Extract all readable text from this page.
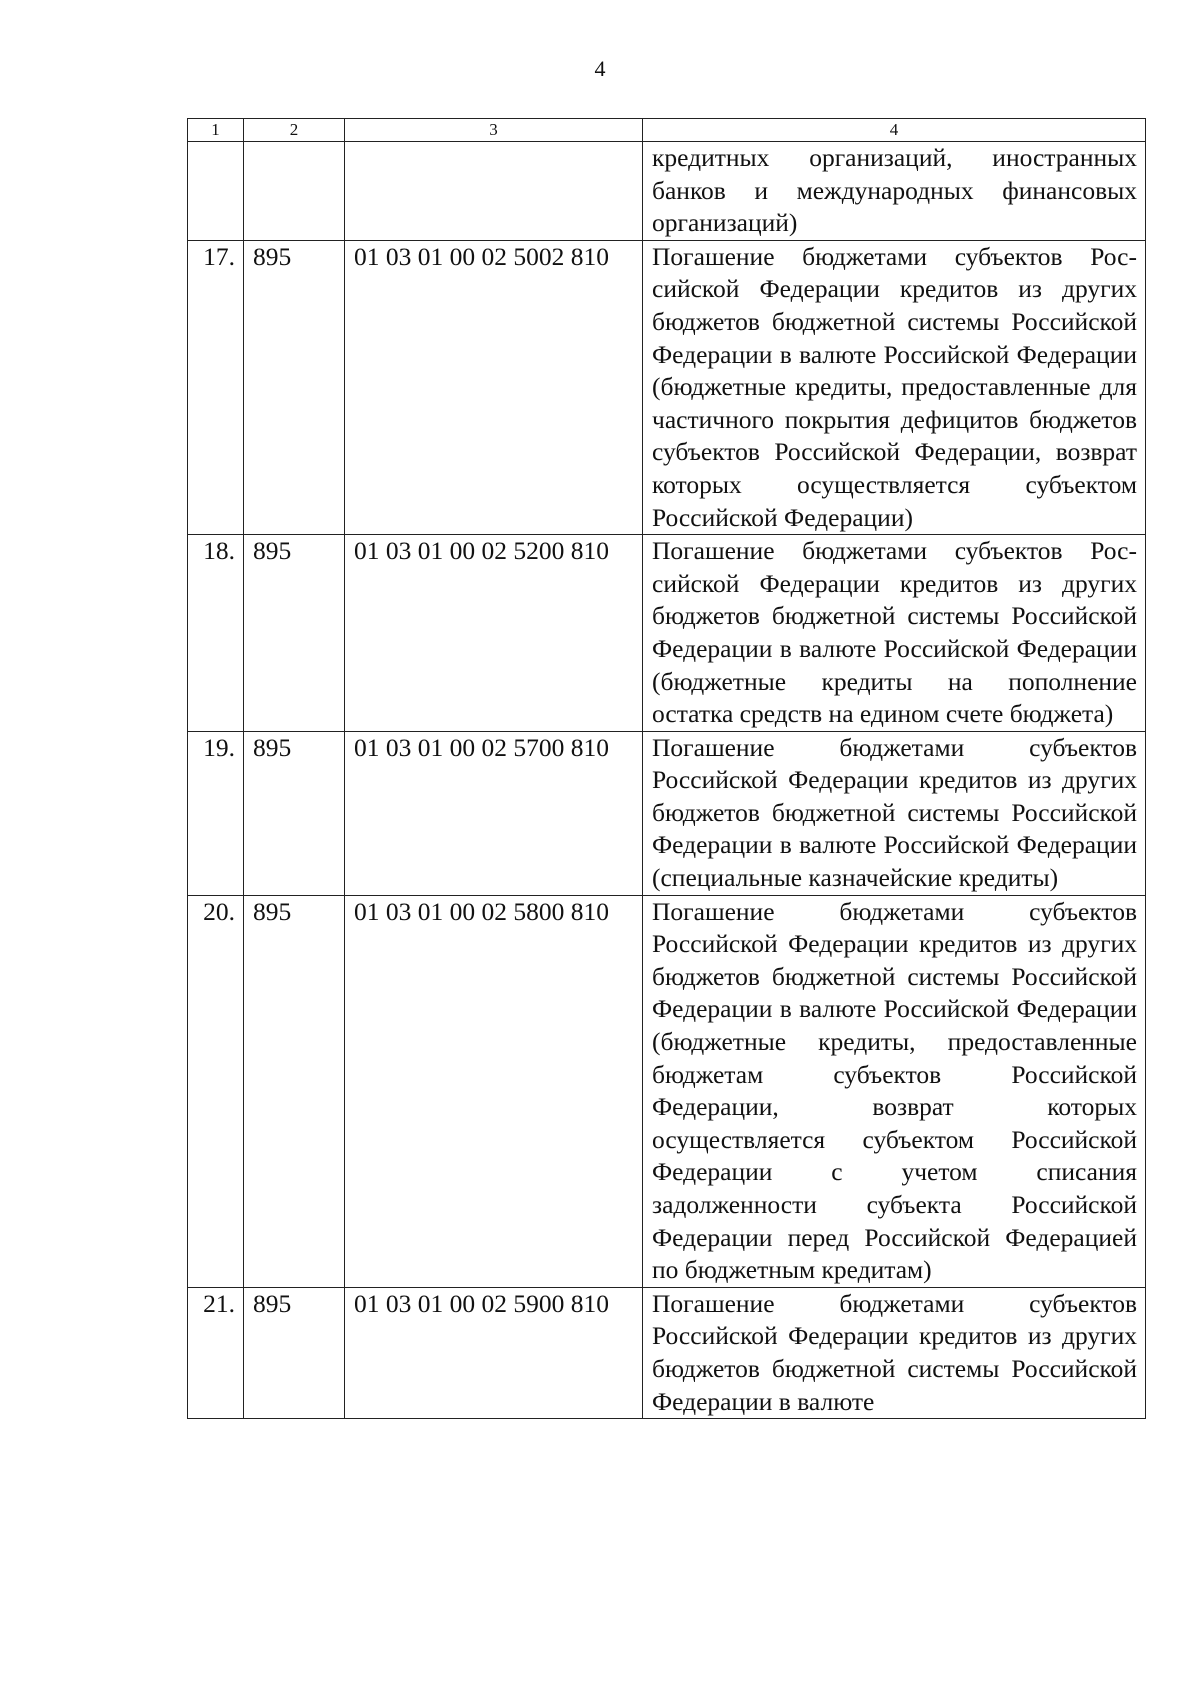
4
1	2	3	4
			кредитных организаций, иностранных банков и международных финансовых организаций)
17.	895	01 03 01 00 02 5002 810	Погашение бюджетами субъектов Российской Федерации кредитов из других бюджетов бюджетной системы Российской Федерации в валюте Российской Федерации (бюджетные кредиты, предоставленные для частичного покрытия дефицитов бюджетов субъектов Российской Федерации, возврат которых осуществляется субъектом Российской Федерации)
18.	895	01 03 01 00 02 5200 810	Погашение бюджетами субъектов Российской Федерации кредитов из других бюджетов бюджетной системы Российской Федерации в валюте Российской Федерации (бюджетные кредиты на пополнение остатка средств на едином счете бюджета)
19.	895	01 03 01 00 02 5700 810	Погашение бюджетами субъектов Российской Федерации кредитов из других бюджетов бюджетной системы Российской Федерации в валюте Российской Федерации (специальные казначейские кредиты)
20.	895	01 03 01 00 02 5800 810	Погашение бюджетами субъектов Российской Федерации кредитов из других бюджетов бюджетной системы Российской Федерации в валюте Российской Федерации (бюджетные кредиты, предоставленные бюджетам субъектов Российской Федерации, возврат которых осуществляется субъектом Российской Федерации с учетом списания задолженности субъекта Российской Федерации перед Российской Федерацией по бюджетным кредитам)
21.	895	01 03 01 00 02 5900 810	Погашение бюджетами субъектов Российской Федерации кредитов из других бюджетов бюджетной системы Российской Федерации в валюте
